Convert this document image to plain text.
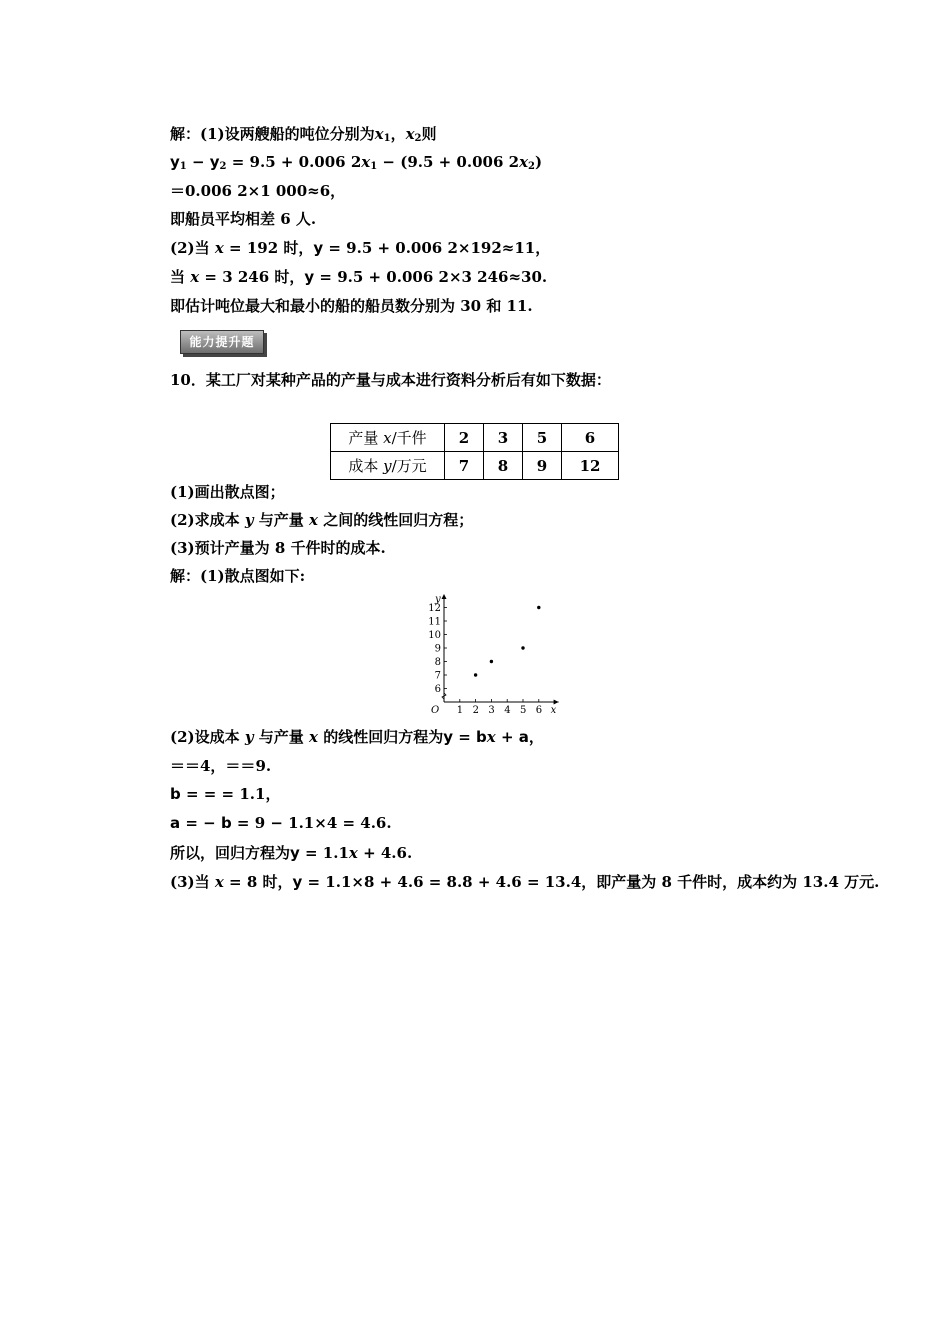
解：(1)设两艘船的吨位分别为$x_1$，$x_2$则
$y_1 - y_2 = 9.5 + 0.006$ $2x_1 - (9.5 + 0.006$ $2x_2$)
＝0.006 2×1 000≈6，
即船员平均相差 6 人.
(2)当 x = 192 时，y = 9.5 + 0.006 2×192≈11，
当 x = 3 246 时，y = 9.5 + 0.006 2×3 246≈30.
即估计吨位最大和最小的船的船员数分别为 30 和 11.
能力提升题
10．某工厂对某种产品的产量与成本进行资料分析后有如下数据：
产量 x/千件	2	3	5	6
成本 y/万元	7	8	9	12
(1)画出散点图；
(2)求成本 y 与产量 x 之间的线性回归方程；
(3)预计产量为 8 千件时的成本.
解：(1)散点图如下:
x
y
O 1 2 3 4 5 6
6
7
8
9
10
11
12
(2)设成本 y 与产量 x 的线性回归方程为y = bx + a，
＝＝4，＝＝9.
b = = = 1.1，
a = − b = 9 − 1.1×4 = 4.6.
所以，回归方程为y = 1.1x + 4.6.
(3)当 x = 8 时，y = 1.1×8 + 4.6 = 8.8 + 4.6 = 13.4，即产量为 8 千件时，成本约为 13.4 万元.
